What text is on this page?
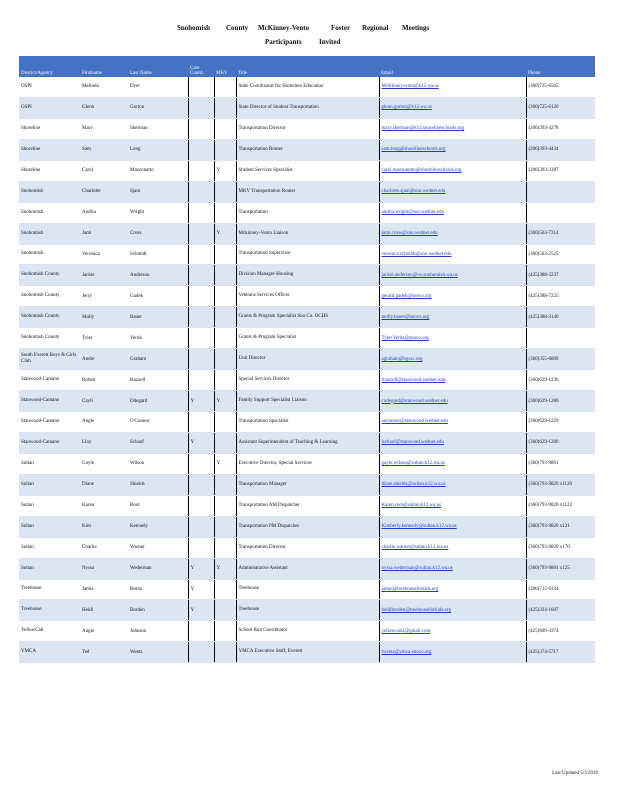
Snohomish County McKinney-Vento	Foster Regional Meetings
Participants Invited
District/Agency	Firstname	Last Name	Care Coord.	MKV	Title	Email	Phone
OSPI	Melinda	Dyer			State Coordinator for Homeless Education	McKinneyvento@k12.wa.us	(360)725-6505
OSPI	Glenn	Gorton			State Director of Student Transportation	glenn.gorton@k12.wa.us	(360)725-6120
Shoreline	Mary	Sherman			Transportation Director	mary.sherman@k12.shorelineschools.org	(206)393-4278
Shoreline	Sam	Long			Transportation Router	sam.long@shorelineschools.org	(206)393-4434
Shoreline	Carol	Mazzonetto		Y	Student Services Specialist	carol.mazzonetto@shorelineschools.org	(206)393-3387
Snohomish	Charlotte	Sjani			MKV Transportation Router	charlotte.sjani@sno.wednet.edu	
Snohomish	Andria	Wright			Transportation	andria.wright@sno.wednet.edu	
Snohomish	Jami	Cross		Y	Mckinney-Vento Liaison	jami.cross@sno.wednet.edu	(360)563-7314
Snohomish	Veronica	Schmidt			Transportation Supervisor	veronica.schmidt@sno.wednet.edu	(360)563-2525
Snohomish County	Jackie	Anderson			Division Manager-Housing	jackie.anderson@co.snohomish.wa.us	(425)388-3237
Snohomish County	Jerry	Gadek			Veterans Services Officer	gerard.gadek@snoco.org	(425)388-7225
Snohomish County	Molly	Bauer			Grants & Program Specialist Sno Co. OCHS	molly.bauer@snoco.org	(425)388-3140
Snohomish County	Tyler	Verda			Grants & Program Specialist	Tyler.Verda@snoco.org	
South Everett Boys & Girls Club	Andre	Graham			Unit Director	agraham@bgcsc.org	(360)355-6899
Stanwood-Camano	Robert	Hazzell			Special Services Director	rhazzell@stanwood.wednet.edu	(360)629-1236
Stanwood-Camano	Cayli	Odegard	Y	Y	Family Support Specialist Liaison	codegard@stanwood.wednet.edu	(360)629-1286
Stanwood-Camano	Angie	O'Connor			Transportation Specialist	aoconnor@stanwood.wednet.edu	(360)629-1229
Stanwood-Camano	Lloy	Schauf	Y		Assistant Superintendent of Teaching & Learning	lschauf@stanwood.wednet.edu	(360)629-1200
Sultan	Gayle	Wilson		Y	Executive Director, Special Services	gayle.wilson@sultan.k12.wa.us	(360)793-9801
Sultan	Diane	Shields			Transportation Manager	diane.shields@sultan.k12.wa.us	(360)793-9820 x1120
Sultan	Karen	Root			Transportation AM Dispatcher	Karen.root@sultan.k12.wa.us	(360)793-9820 x1122
Sultan	Kim	Kennedy			Transportation PM Dispatcher	Kimberly.kennedy@sultan.k12.wa.us	(360)793-9820 x121
Sultan	Charlie	Warner			Transportation Director	charlie.warner@sultan.k12.wa.us	(360)793-9820 x170
Sultan	Nyssa	Wederman	Y	Y	Administrative Assistant	nyssa.wederman@sultan.k12.wa.us	(360)793-9801 x125
Treehouse	Jamie	Burns	Y		Treehouse	jamie@treehouseforkids.org	(206)715-0334
Treehouse	Heidi	Borden	Y		Treehouse	heidiborden@treehouseforkids.org	(425)324-1607
YellowCab	Angie	Johnson			School Run Coordinator	yellowcab2@gmail.com	(425)609-3374
YMCA	Ted	Wentz			YMCA Executive Staff, Everett	twentz@ymca-snoco.org	(425)374-5717
Last Updated 5/3/2019
